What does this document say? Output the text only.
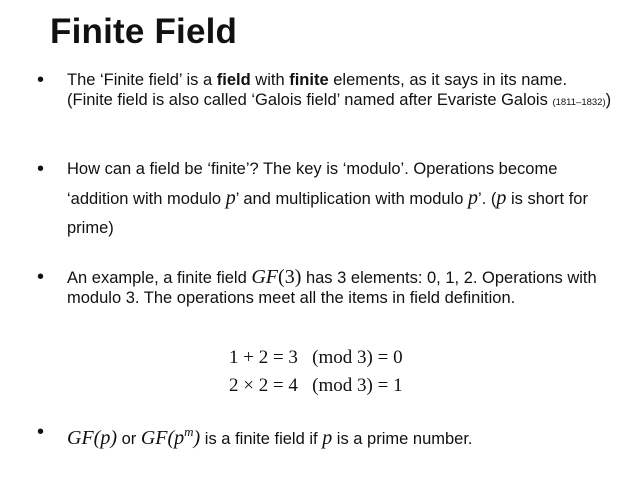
Finite Field
• The ‘Finite field’ is a field with finite elements, as it says in its name. (Finite field is also called ‘Galois field’ named after Evariste Galois (1811–1832))
• How can a field be ‘finite’? The key is ‘modulo’. Operations become ‘addition with modulo p’ and multiplication with modulo p’. (p is short for prime)
• An example, a finite field GF(3) has 3 elements: 0, 1, 2. Operations with modulo 3. The operations meet all the items in field definition.
1 + 2 = 3   (mod 3) = 0
2 × 2 = 4   (mod 3) = 1
• GF(p) or $GF(p^m)$ is a finite field if p is a prime number.
